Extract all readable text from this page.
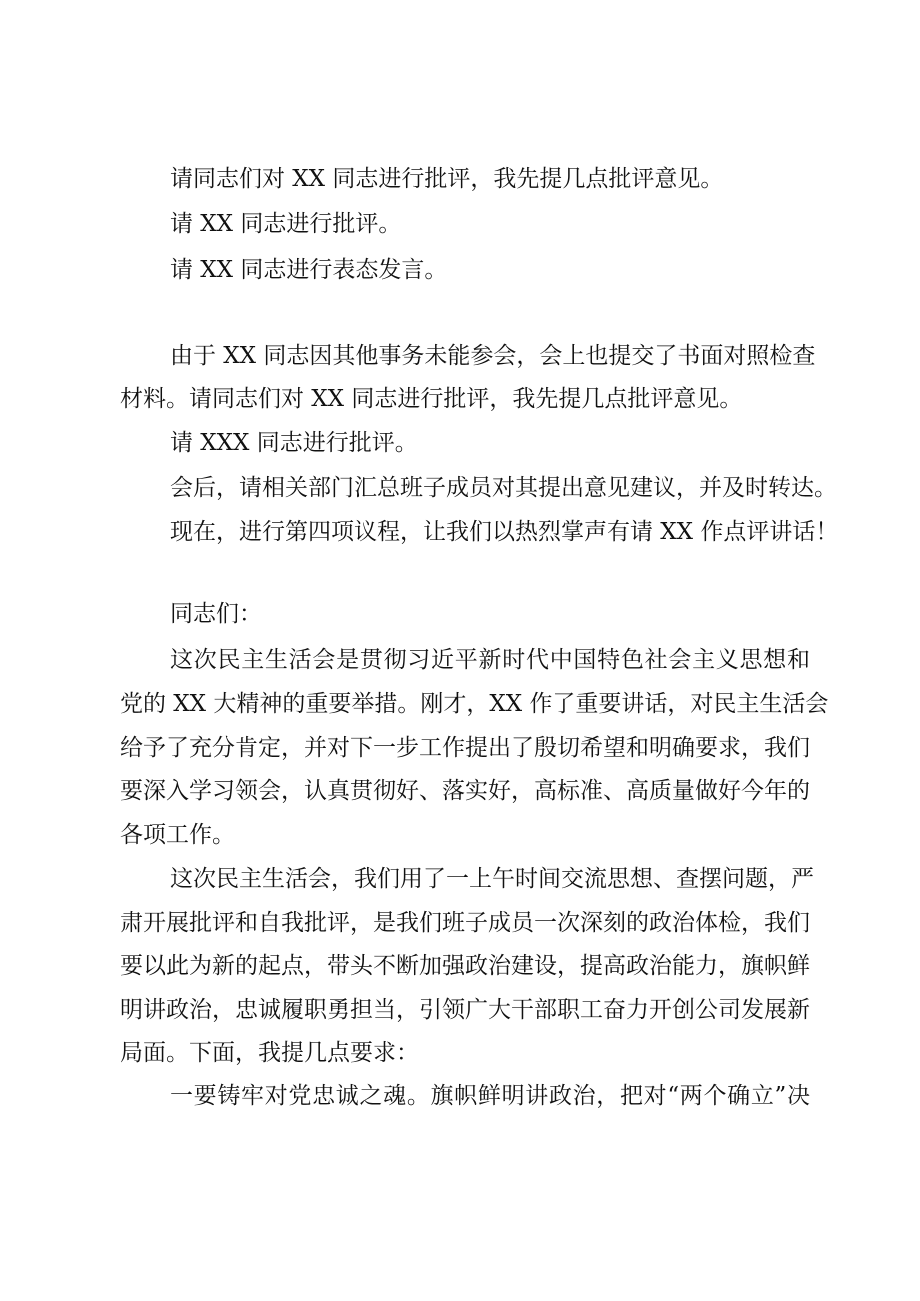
请同志们对 XX 同志进行批评，我先提几点批评意见。

请 XX 同志进行批评。

请 XX 同志进行表态发言。

由于 XX 同志因其他事务未能参会，会上也提交了书面对照检查

材料。请同志们对 XX 同志进行批评，我先提几点批评意见。

请 XXX 同志进行批评。

会后，请相关部门汇总班子成员对其提出意见建议，并及时转达。

现在，进行第四项议程，让我们以热烈掌声有请 XX 作点评讲话！

同志们：

这次民主生活会是贯彻习近平新时代中国特色社会主义思想和

党的 XX 大精神的重要举措。刚才，XX 作了重要讲话，对民主生活会

给予了充分肯定，并对下一步工作提出了殷切希望和明确要求，我们

要深入学习领会，认真贯彻好、落实好，高标准、高质量做好今年的

各项工作。

这次民主生活会，我们用了一上午时间交流思想、查摆问题，严

肃开展批评和自我批评，是我们班子成员一次深刻的政治体检，我们

要以此为新的起点，带头不断加强政治建设，提高政治能力，旗帜鲜

明讲政治，忠诚履职勇担当，引领广大干部职工奋力开创公司发展新

局面。下面，我提几点要求：

一要铸牢对党忠诚之魂。旗帜鲜明讲政治，把对“两个确立”决
